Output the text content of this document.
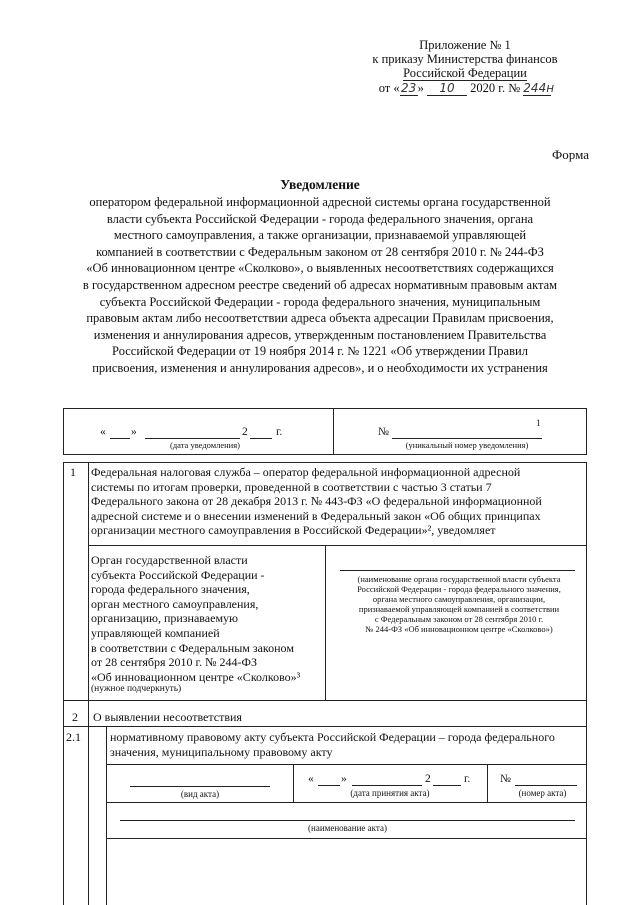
Приложение № 1
к приказу Министерства финансов
Российской Федерации
от «23» 10 2020 г. № 244н
Форма
Уведомление
оператором федеральной информационной адресной системы органа государственной
власти субъекта Российской Федерации - города федерального значения, органа
местного самоуправления, а также организации, признаваемой управляющей
компанией в соответствии с Федеральным законом от 28 сентября 2010 г. № 244-ФЗ
«Об инновационном центре «Сколково», о выявленных несоответствиях содержащихся
в государственном адресном реестре сведений об адресах нормативным правовым актам
субъекта Российской Федерации - города федерального значения, муниципальным
правовым актам либо несоответствии адреса объекта адресации Правилам присвоения,
изменения и аннулирования адресов, утвержденным постановлением Правительства
Российской Федерации от 19 ноября 2014 г. № 1221 «Об утверждении Правил
присвоения, изменения и аннулирования адресов», и о необходимости их устранения
« »	2 г.
(дата уведомления)
№
1
(уникальный номер уведомления)
1 Федеральная налоговая служба – оператор федеральной информационной адресной
системы по итогам проверки, проведенной в соответствии с частью 3 статьи 7
Федерального закона от 28 декабря 2013 г. № 443-ФЗ «О федеральной информационной
адресной системе и о внесении изменений в Федеральный закон «Об общих принципах
организации местного самоуправления в Российской Федерации»², уведомляет
Орган государственной власти
субъекта Российской Федерации -
города федерального значения,
орган местного самоуправления,
организацию, признаваемую
управляющей компанией
в соответствии с Федеральным законом
от 28 сентября 2010 г. № 244-ФЗ
«Об инновационном центре «Сколково»³
(нужное подчеркнуть)
(наименование органа государственной власти субъекта
Российской Федерации - города федерального значения,
органа местного самоуправления, организации,
признаваемой управляющей компанией в соответствии
с Федеральным законом от 28 сентября 2010 г.
№ 244-ФЗ «Об инновационном центре «Сколково»)
2 О выявлении несоответствия
2.1 нормативному правовому акту субъекта Российской Федерации – города федерального
значения, муниципальному правовому акту
(вид акта)
« »	2	г.
(дата принятия акта)
№
(номер акта)
(наименование акта)
